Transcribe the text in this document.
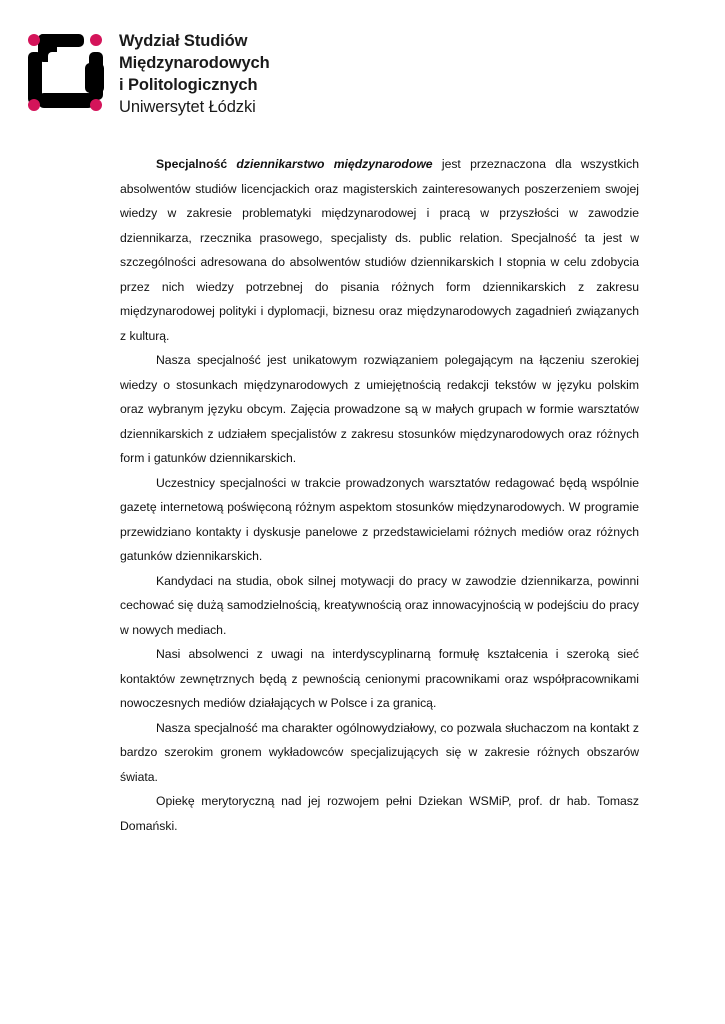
Wydział Studiów
Międzynarodowych
i Politologicznych
Uniwersytet Łódzki

Specjalność dziennikarstwo międzynarodowe jest przeznaczona dla wszystkich absolwentów studiów licencjackich oraz magisterskich zainteresowanych poszerzeniem swojej wiedzy w zakresie problematyki międzynarodowej i pracą w przyszłości w zawodzie dziennikarza, rzecznika prasowego, specjalisty ds. public relation. Specjalność ta jest w szczególności adresowana do absolwentów studiów dziennikarskich I stopnia w celu zdobycia przez nich wiedzy potrzebnej do pisania różnych form dziennikarskich z zakresu międzynarodowej polityki i dyplomacji, biznesu oraz międzynarodowych zagadnień związanych z kulturą.

Nasza specjalność jest unikatowym rozwiązaniem polegającym na łączeniu szerokiej wiedzy o stosunkach międzynarodowych z umiejętnością redakcji tekstów w języku polskim oraz wybranym języku obcym. Zajęcia prowadzone są w małych grupach w formie warsztatów dziennikarskich z udziałem specjalistów z zakresu stosunków międzynarodowych oraz różnych form i gatunków dziennikarskich.

Uczestnicy specjalności w trakcie prowadzonych warsztatów redagować będą wspólnie gazetę internetową poświęconą różnym aspektom stosunków międzynarodowych. W programie przewidziano kontakty i dyskusje panelowe z przedstawicielami różnych mediów oraz różnych gatunków dziennikarskich.

Kandydaci na studia, obok silnej motywacji do pracy w zawodzie dziennikarza, powinni cechować się dużą samodzielnością, kreatywnością oraz innowacyjnością w podejściu do pracy w nowych mediach.

Nasi absolwenci z uwagi na interdyscyplinarną formułę kształcenia i szeroką sieć kontaktów zewnętrznych będą z pewnością cenionymi pracownikami oraz współpracownikami nowoczesnych mediów działających w Polsce i za granicą.

Nasza specjalność ma charakter ogólnowydziałowy, co pozwala słuchaczom na kontakt z bardzo szerokim gronem wykładowców specjalizujących się w zakresie różnych obszarów świata.

Opiekę merytoryczną nad jej rozwojem pełni Dziekan WSMiP, prof. dr hab. Tomasz Domański.
